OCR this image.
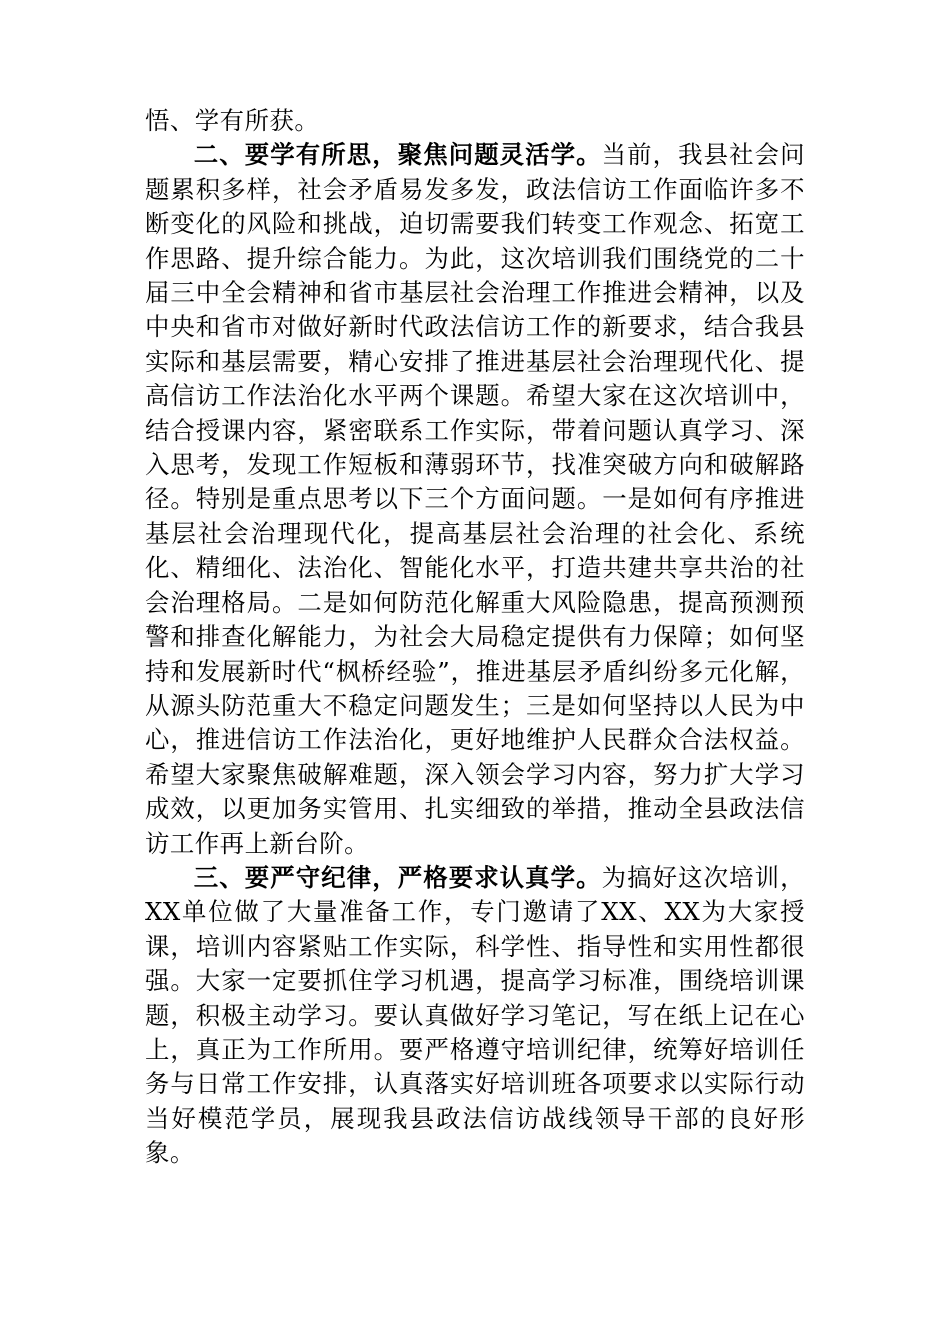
悟、学有所获。

二、要学有所思，聚焦问题灵活学。当前，我县社会问题累积多样，社会矛盾易发多发，政法信访工作面临许多不断变化的风险和挑战，迫切需要我们转变工作观念、拓宽工作思路、提升综合能力。为此，这次培训我们围绕党的二十届三中全会精神和省市基层社会治理工作推进会精神，以及中央和省市对做好新时代政法信访工作的新要求，结合我县实际和基层需要，精心安排了推进基层社会治理现代化、提高信访工作法治化水平两个课题。希望大家在这次培训中，结合授课内容，紧密联系工作实际，带着问题认真学习、深入思考，发现工作短板和薄弱环节，找准突破方向和破解路径。特别是重点思考以下三个方面问题。一是如何有序推进基层社会治理现代化，提高基层社会治理的社会化、系统化、精细化、法治化、智能化水平，打造共建共享共治的社会治理格局。二是如何防范化解重大风险隐患，提高预测预警和排查化解能力，为社会大局稳定提供有力保障；如何坚持和发展新时代“枫桥经验”，推进基层矛盾纠纷多元化解，从源头防范重大不稳定问题发生；三是如何坚持以人民为中心，推进信访工作法治化，更好地维护人民群众合法权益。希望大家聚焦破解难题，深入领会学习内容，努力扩大学习成效，以更加务实管用、扎实细致的举措，推动全县政法信访工作再上新台阶。

三、要严守纪律，严格要求认真学。为搞好这次培训，XX单位做了大量准备工作，专门邀请了XX、XX为大家授课，培训内容紧贴工作实际，科学性、指导性和实用性都很强。大家一定要抓住学习机遇，提高学习标准，围绕培训课题，积极主动学习。要认真做好学习笔记，写在纸上记在心上，真正为工作所用。要严格遵守培训纪律，统筹好培训任务与日常工作安排，认真落实好培训班各项要求以实际行动当好模范学员，展现我县政法信访战线领导干部的良好形象。
